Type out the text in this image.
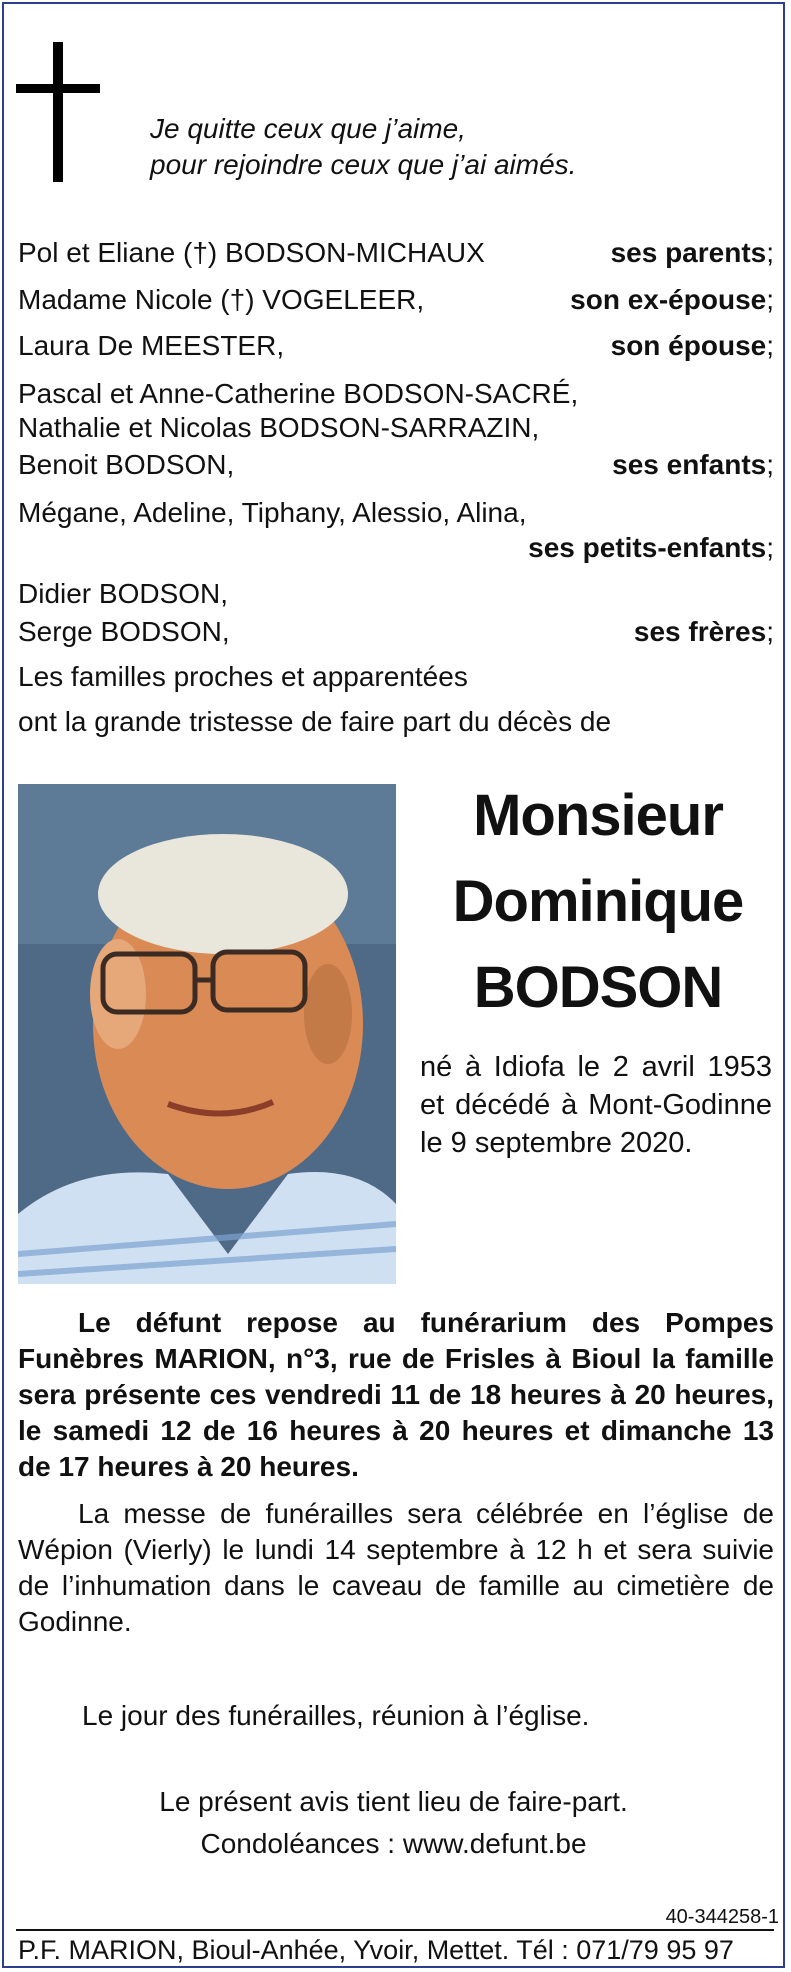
Je quitte ceux que j’aime,
pour rejoindre ceux que j’ai aimés.
Pol et Eliane (†) BODSON-MICHAUX	ses parents;
Madame Nicole (†) VOGELEER,	son ex-épouse;
Laura De MEESTER,	son épouse;
Pascal et Anne-Catherine BODSON-SACRÉ,
Nathalie et Nicolas BODSON-SARRAZIN,
Benoit BODSON,	ses enfants;
Mégane, Adeline, Tiphany, Alessio, Alina,
ses petits-enfants;
Didier BODSON,
Serge BODSON,	ses frères;
Les familles proches et apparentées
ont la grande tristesse de faire part du décès de
Monsieur
Dominique
BODSON
né à Idiofa le 2 avril 1953 et décédé à Mont-Godinne le 9 septembre 2020.
Le défunt repose au funérarium des Pompes Funèbres MARION, n°3, rue de Frisles à Bioul la famille sera présente ces vendredi 11 de 18 heures à 20 heures, le samedi 12 de 16 heures à 20 heures et dimanche 13 de 17 heures à 20 heures.
La messe de funérailles sera célébrée en l’église de Wépion (Vierly) le lundi 14 septembre à 12 h et sera suivie de l’inhumation dans le caveau de famille au cimetière de Godinne.
Le jour des funérailles, réunion à l’église.
Le présent avis tient lieu de faire-part.
Condoléances : www.defunt.be
40-344258-1
P.F. MARION, Bioul-Anhée, Yvoir, Mettet. Tél : 071/79 95 97
